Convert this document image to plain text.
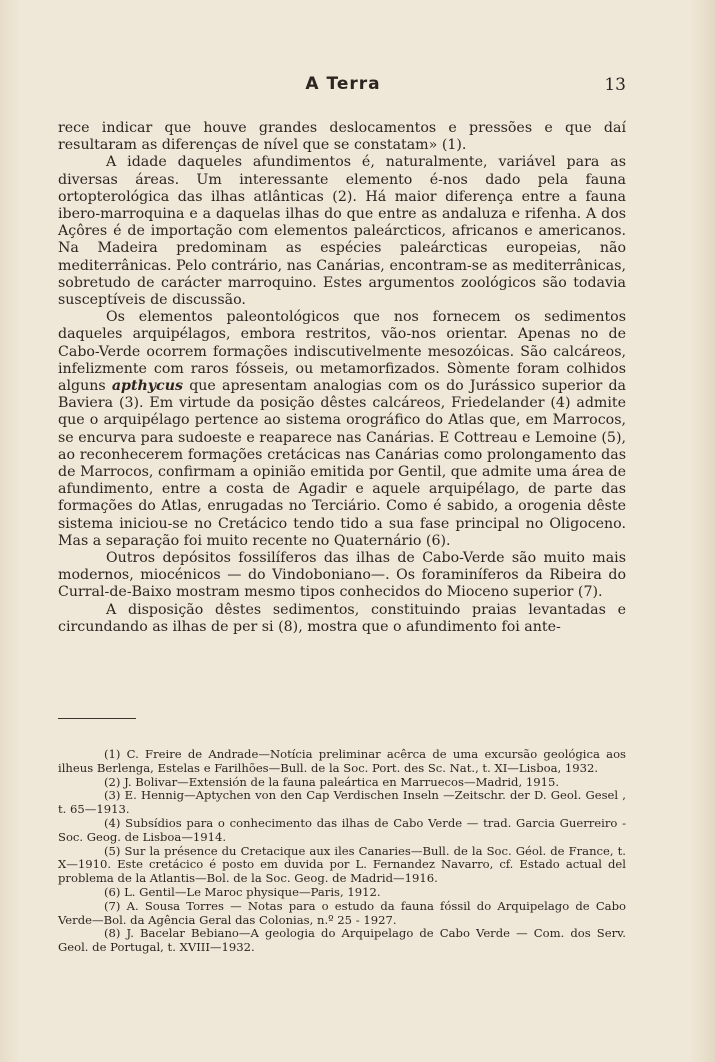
A Terra	13

rece indicar que houve grandes deslocamentos e pressões e que daí resultaram as diferenças de nível que se constatam» (1).

A idade daqueles afundimentos é, naturalmente, variável para as diversas áreas. Um interessante elemento é-nos dado pela fauna ortopterológica das ilhas atlânticas (2). Há maior diferença entre a fauna ibero-marroquina e a daquelas ilhas do que entre as andaluza e rifenha. A dos Açôres é de importação com elementos paleárcticos, africanos e americanos. Na Madeira predominam as espécies paleárcticas europeias, não mediterrânicas. Pelo contrário, nas Canárias, encontram-se as mediterrânicas, sobretudo de carácter marroquino. Estes argumentos zoológicos são todavia susceptíveis de discussão.

Os elementos paleontológicos que nos fornecem os sedimentos daqueles arquipélagos, embora restritos, vão-nos orientar. Apenas no de Cabo-Verde ocorrem formações indiscutivelmente mesozóicas. São calcáreos, infelizmente com raros fósseis, ou metamorfizados. Sòmente foram colhidos alguns apthycus que apresentam analogias com os do Jurássico superior da Baviera (3). Em virtude da posição dêstes calcáreos, Friedelander (4) admite que o arquipélago pertence ao sistema orográfico do Atlas que, em Marrocos, se encurva para sudoeste e reaparece nas Canárias. E Cottreau e Lemoine (5), ao reconhecerem formações cretácicas nas Canárias como prolongamento das de Marrocos, confirmam a opinião emitida por Gentil, que admite uma área de afundimento, entre a costa de Agadir e aquele arquipélago, de parte das formações do Atlas, enrugadas no Terciário. Como é sabido, a orogenia dêste sistema iniciou-se no Cretácico tendo tido a sua fase principal no Oligoceno. Mas a separação foi muito recente no Quaternário (6).

Outros depósitos fossilíferos das ilhas de Cabo-Verde são muito mais modernos, miocénicos — do Vindoboniano—. Os foraminíferos da Ribeira do Curral-de-Baixo mostram mesmo tipos conhecidos do Mioceno superior (7).

A disposição dêstes sedimentos, constituindo praias levantadas e circundando as ilhas de per si (8), mostra que o afundimento foi ante-

(1) C. Freire de Andrade—Notícia preliminar acêrca de uma excursão geológica aos ilheus Berlenga, Estelas e Farilhões—Bull. de la Soc. Port. des Sc. Nat., t. XI—Lisboa, 1932.

(2) J. Bolivar—Extensión de la fauna paleártica en Marruecos—Madrid, 1915.

(3) E. Hennig—Aptychen von den Cap Verdischen Inseln —Zeitschr. der D. Geol. Gesel , t. 65—1913.

(4) Subsídios para o conhecimento das ilhas de Cabo Verde — trad. Garcia Guerreiro - Soc. Geog. de Lisboa—1914.

(5) Sur la présence du Cretacique aux iles Canaries—Bull. de la Soc. Géol. de France, t. X—1910. Este cretácico é posto em duvida por L. Fernandez Navarro, cf. Estado actual del problema de la Atlantis—Bol. de la Soc. Geog. de Madrid—1916.

(6) L. Gentil—Le Maroc physique—Paris, 1912.

(7) A. Sousa Torres — Notas para o estudo da fauna fóssil do Arquipelago de Cabo Verde—Bol. da Agência Geral das Colonias, n.º 25 - 1927.

(8) J. Bacelar Bebiano—A geologia do Arquipelago de Cabo Verde — Com. dos Serv. Geol. de Portugal, t. XVIII—1932.
